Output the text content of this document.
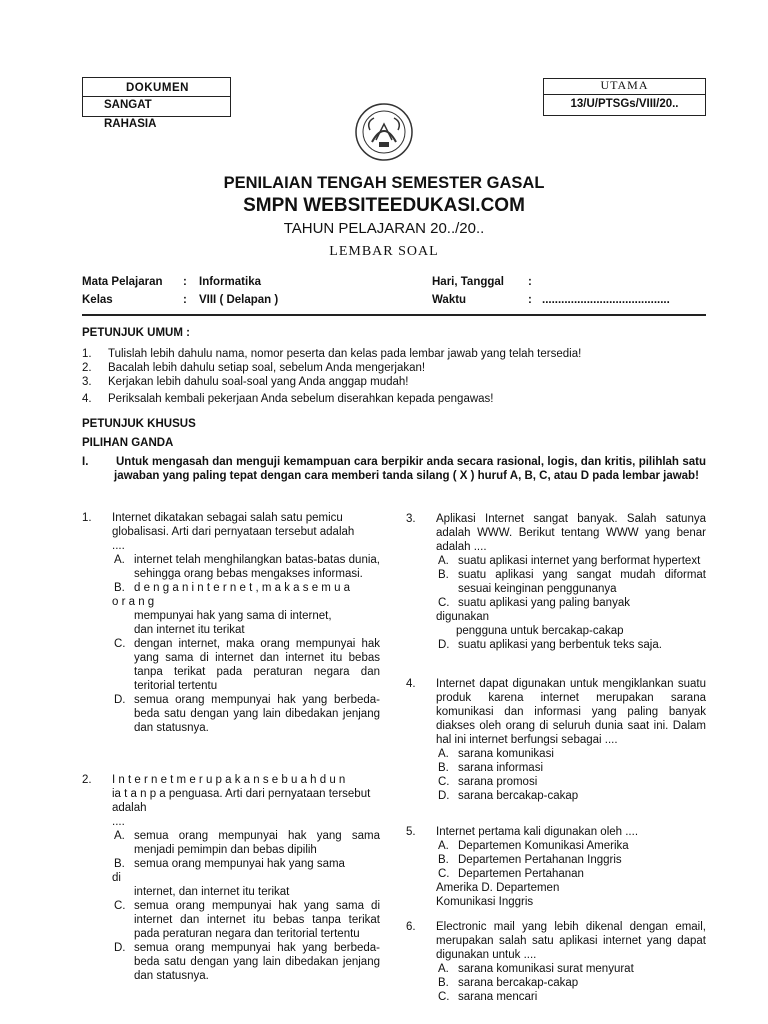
DOKUMEN
SANGAT
RAHASIA
UTAMA
13/U/PTSGs/VIII/20..
PENILAIAN TENGAH SEMESTER GASAL
SMPN WEBSITEEDUKASI.COM
TAHUN PELAJARAN 20../20..
LEMBAR SOAL
Mata Pelajaran : Informatika
Kelas	: VIII ( Delapan )
Hari, Tanggal :
Waktu	: ........................................
PETUNJUK UMUM :
1. Tulislah lebih dahulu nama, nomor peserta dan kelas pada lembar jawab yang telah tersedia!
2. Bacalah lebih dahulu setiap soal, sebelum Anda mengerjakan!
3. Kerjakan lebih dahulu soal-soal yang Anda anggap mudah!
4. Periksalah kembali pekerjaan Anda sebelum diserahkan kepada pengawas!
PETUNJUK KHUSUS
PILIHAN GANDA
I. Untuk mengasah dan menguji kemampuan cara berpikir anda secara rasional, logis, dan kritis, pilihlah satu jawaban yang paling tepat dengan cara memberi tanda silang ( X ) huruf A, B, C, atau D pada lembar jawab!
1. Internet dikatakan sebagai salah satu pemicu globalisasi. Arti dari pernyataan tersebut adalah

....

A. internet telah menghilangkan batas-batas dunia, sehingga orang bebas mengakses informasi.

B. d e n g a n i n t e r n e t , m a k a s e m u a

o r a n g

mempunyai hak yang sama di internet,

dan internet itu terikat

C. dengan internet, maka orang mempunyai hak yang sama di internet dan internet itu bebas tanpa terikat pada peraturan negara dan teritorial tertentu

D. semua orang mempunyai hak yang berbeda- beda satu dengan yang lain dibedakan jenjang dan statusnya.

2. I n t e r n e t m e r u p a k a n s e b u a h d u n

ia t a n p a penguasa. Arti dari pernyataan tersebut adalah

....

A. semua orang mempunyai hak yang sama menjadi pemimpin dan bebas dipilih

B. semua orang mempunyai hak yang sama

di

internet, dan internet itu terikat

C. semua orang mempunyai hak yang sama di internet dan internet itu bebas tanpa terikat pada peraturan negara dan teritorial tertentu

D. semua orang mempunyai hak yang berbeda- beda satu dengan yang lain dibedakan jenjang dan statusnya.

3. Aplikasi Internet sangat banyak. Salah satunya adalah WWW. Berikut tentang WWW yang benar adalah ....

A. suatu aplikasi internet yang berformat hypertext

B. suatu aplikasi yang sangat mudah diformat sesuai keinginan penggunanya

C. suatu aplikasi yang paling banyak

digunakan

pengguna untuk bercakap-cakap

D. suatu aplikasi yang berbentuk teks saja.

4. Internet dapat digunakan untuk mengiklankan suatu produk karena internet merupakan sarana komunikasi dan informasi yang paling banyak diakses oleh orang di seluruh dunia saat ini. Dalam hal ini internet berfungsi sebagai ....

A. sarana komunikasi

B. sarana informasi

C. sarana promosi

D. sarana bercakap-cakap

5. Internet pertama kali digunakan oleh ....

A. Departemen Komunikasi Amerika

B. Departemen Pertahanan Inggris

C. Departemen Pertahanan

Amerika D. Departemen

Komunikasi Inggris

6. Electronic mail yang lebih dikenal dengan email, merupakan salah satu aplikasi internet yang dapat digunakan untuk ....

A. sarana komunikasi surat menyurat

B. sarana bercakap-cakap

C. sarana mencari
